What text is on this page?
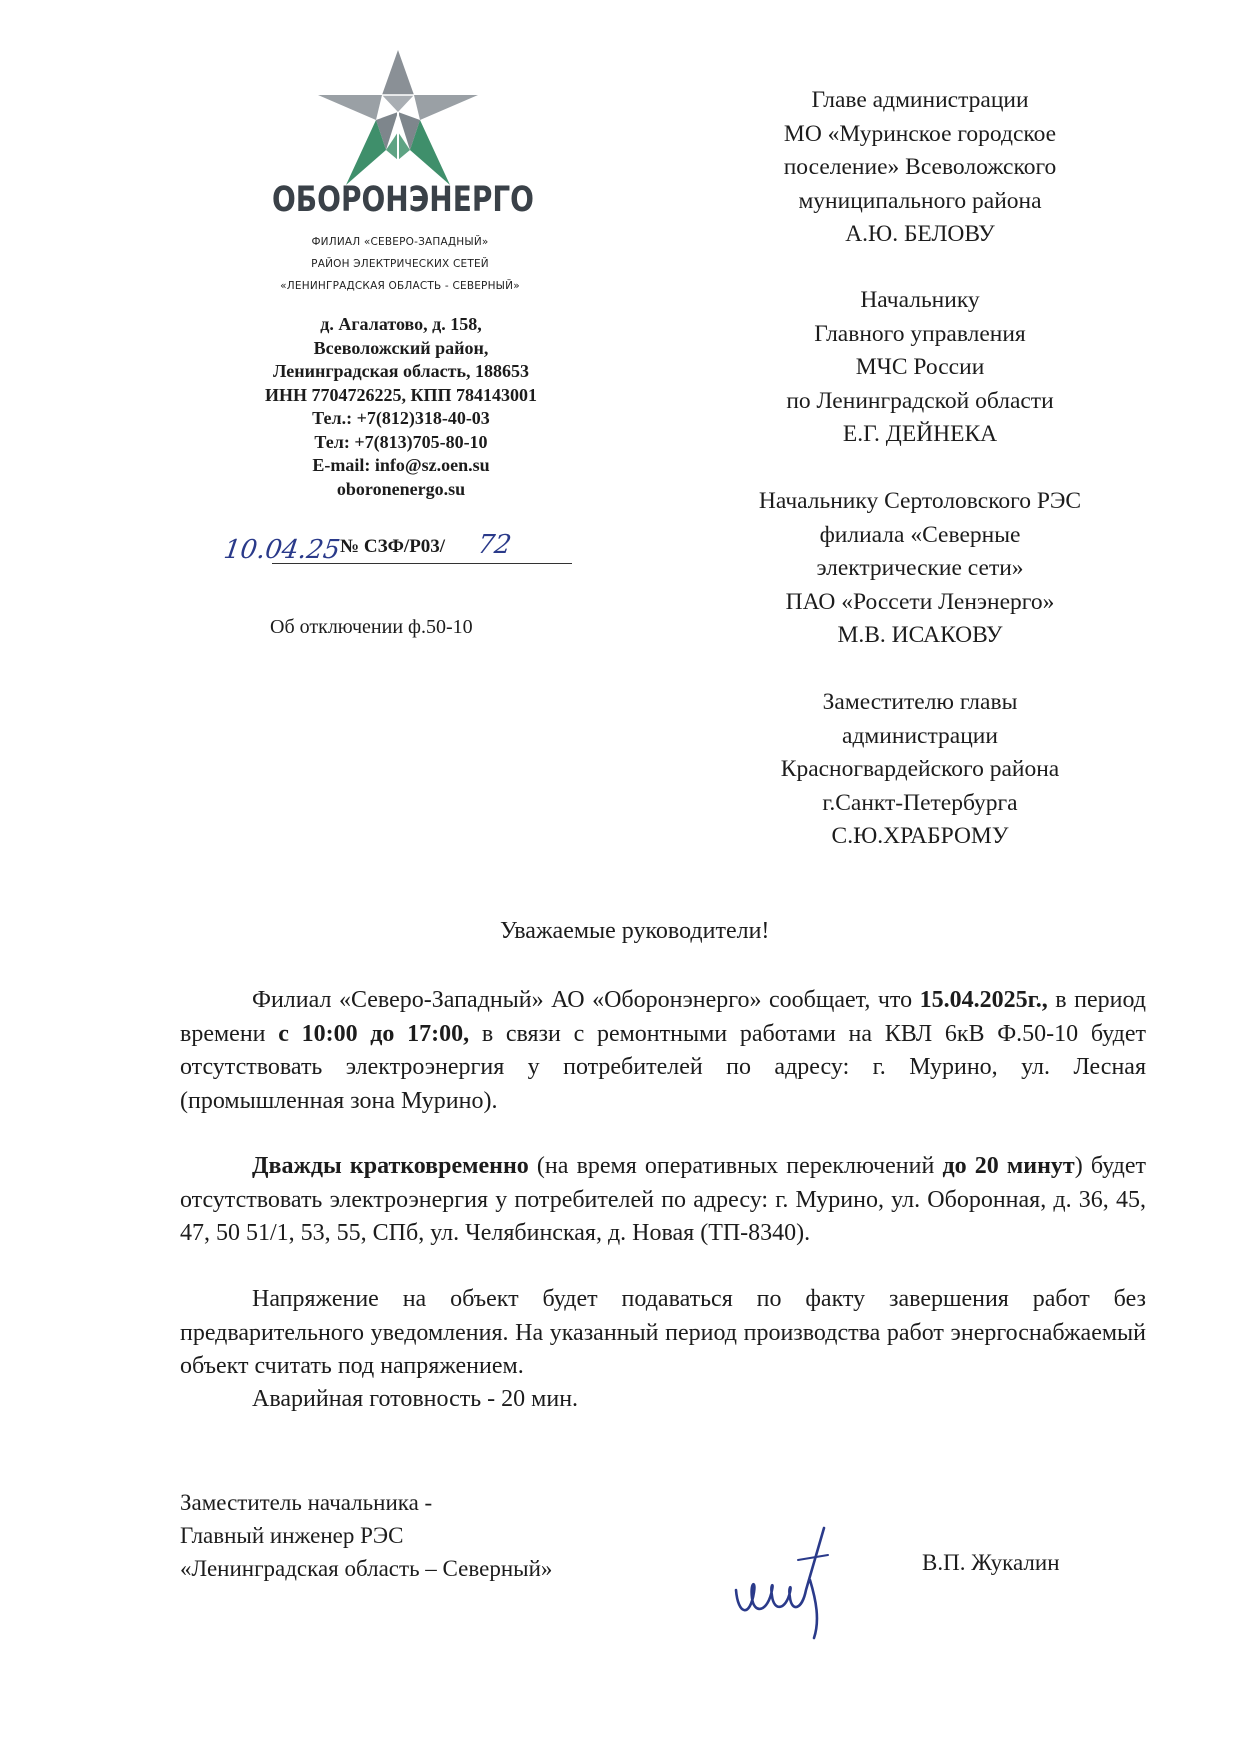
ОБОРОНЭНЕРГО
ФИЛИАЛ «СЕВЕРО-ЗАПАДНЫЙ»
РАЙОН ЭЛЕКТРИЧЕСКИХ СЕТЕЙ
«ЛЕНИНГРАДСКАЯ ОБЛАСТЬ - СЕВЕРНЫЙ»
д. Агалатово, д. 158,
Всеволожский район,
Ленинградская область, 188653
ИНН 7704726225, КПП 784143001
Тел.: +7(812)318-40-03
Тел: +7(813)705-80-10
E-mail: info@sz.oen.su
oboronenergo.su
10.04.25
№ СЗФ/Р03/ 72
Об отключении ф.50-10
Главе администрации
МО «Муринское городское
поселение» Всеволожского
муниципального района
А.Ю. БЕЛОВУ
Начальнику
Главного управления
МЧС России
по Ленинградской области
Е.Г. ДЕЙНЕКА
Начальнику Сертоловского РЭС
филиала «Северные
электрические сети»
ПАО «Россети Ленэнерго»
М.В. ИСАКОВУ
Заместителю главы
администрации
Красногвардейского района
г.Санкт-Петербурга
С.Ю.ХРАБРОМУ
Уважаемые руководители!
Филиал «Северо-Западный» АО «Оборонэнерго» сообщает, что 15.04.2025г., в период времени с 10:00 до 17:00, в связи с ремонтными работами на КВЛ 6кВ Ф.50-10 будет отсутствовать электроэнергия у потребителей по адресу: г. Мурино, ул. Лесная (промышленная зона Мурино).
Дважды кратковременно (на время оперативных переключений до 20 минут) будет отсутствовать электроэнергия у потребителей по адресу: г. Мурино, ул. Оборонная, д. 36, 45, 47, 50 51/1, 53, 55, СПб, ул. Челябинская, д. Новая (ТП-8340).
Напряжение на объект будет подаваться по факту завершения работ без предварительного уведомления. На указанный период производства работ энергоснабжаемый объект считать под напряжением.
Аварийная готовность - 20 мин.
Заместитель начальника -
Главный инженер РЭС
«Ленинградская область – Северный»	В.П. Жукалин
